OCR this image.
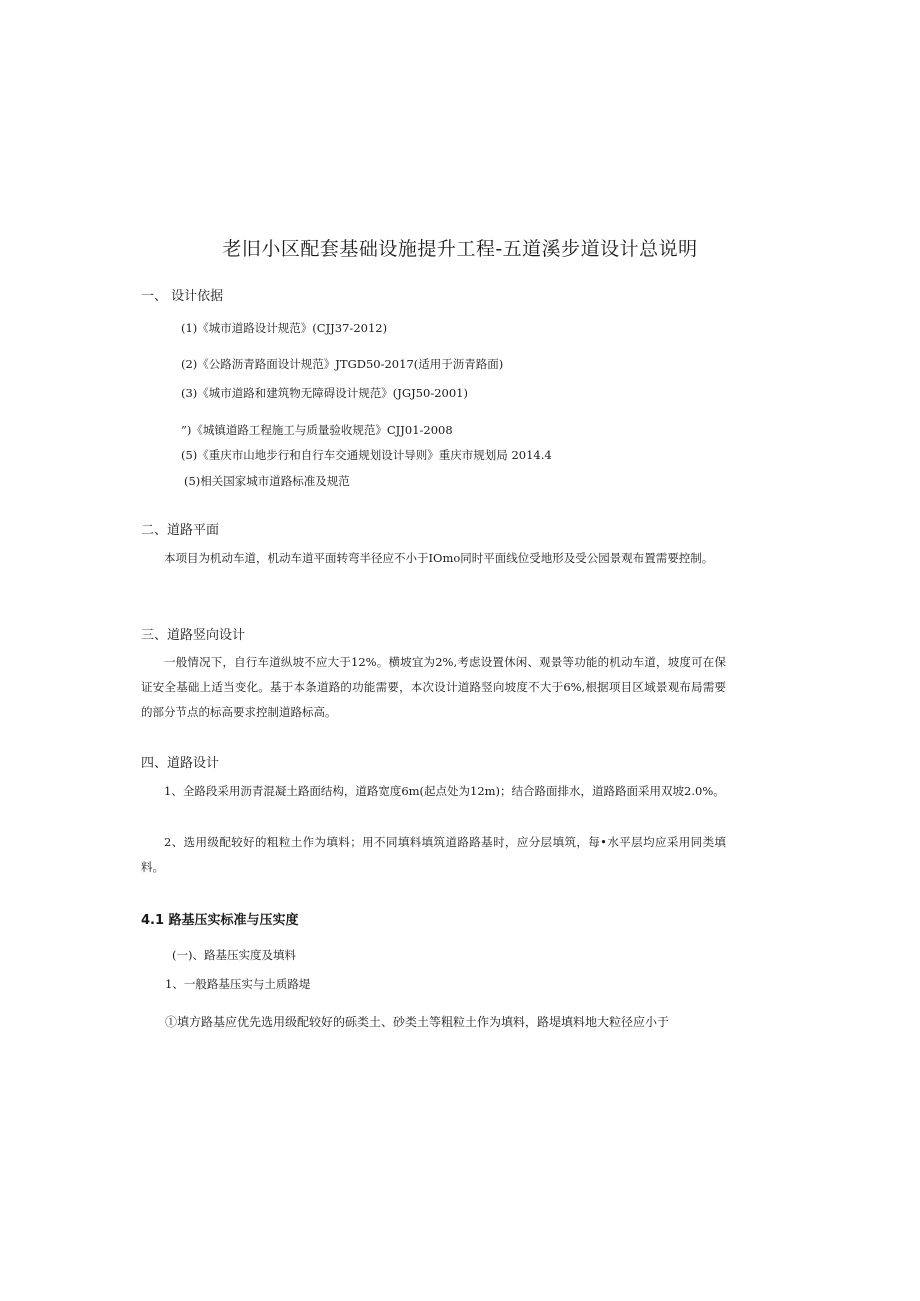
老旧小区配套基础设施提升工程-五道溪步道设计总说明
一、 设计依据
(1)《城市道路设计规范》(CJJ37-2012)
(2)《公路沥青路面设计规范》JTGD50-2017(适用于沥青路面)
(3)《城市道路和建筑物无障碍设计规范》(JGJ50-2001)
”)《城镇道路工程施工与质量验收规范》CJJ01-2008
(5)《重庆市山地步行和自行车交通规划设计导则》重庆市规划局 2014.4
(5)相关国家城市道路标准及规范
二、道路平面
本项目为机动车道，机动车道平面转弯半径应不小于IOmo同时平面线位受地形及受公园景观布置需要控制。
三、道路竖向设计
一般情况下，自行车道纵坡不应大于12%。横坡宜为2%,考虑设置休闲、观景等功能的机动车道，坡度可在保证安全基础上适当变化。基于本条道路的功能需要，本次设计道路竖向坡度不大于6%,根据项目区域景观布局需要的部分节点的标高要求控制道路标高。
四、道路设计
1、全路段采用沥青混凝土路面结构，道路宽度6m(起点处为12m)；结合路面排水，道路路面采用双坡2.0%。
2、选用级配较好的粗粒土作为填料；用不同填料填筑道路路基时，应分层填筑，每•水平层均应采用同类填料。
4.1 路基压实标准与压实度
(一)、路基压实度及填料
1、一般路基压实与土质路堤
①填方路基应优先选用级配较好的砾类土、砂类土等粗粒土作为填料，路堤填料地大粒径应小于
